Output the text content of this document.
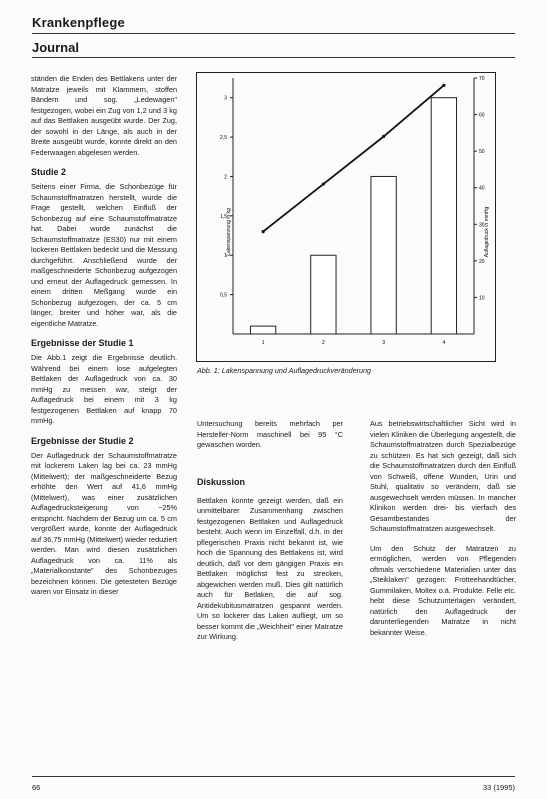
Krankenpflege
Journal
0,5
1
1,5
2
2,5
3
10
20
30
40
50
60
70
1	2	3	4
Lakenspannung in kg	Auflagedruck in mmHg
Abb. 1: Lakenspannung und Auflagedruckveränderung

ständen die Enden des Bettlakens unter der Matratze jeweils mit Klammern, stoffen Bändern und sog. „Ledewagen" festgezogen, wobei ein Zug von 1,2 und 3 kg auf das Bettlaken ausgeübt wurde. Der Zug, der sowohl in der Länge, als auch in der Breite ausgeübt wurde, konnte direkt an den Federwaagen abgelesen werden.

Studie 2

Seitens einer Firma, die Schonbezüge für Schaumstoffmatratzen herstellt, wurde die Frage gestellt, welchen Einfluß der Schonbezug auf eine Schaumstoffmatratze hat. Dabei wurde zunächst die Schaumstoffmatratze (ES30) nur mit einem lockeren Bettlaken bedeckt und die Messung durchgeführt. Anschließend wurde der maßgeschneiderte Schonbezug aufgezogen und erneut der Auflagedruck gemessen. In einem dritten Meßgang wurde ein Schonbezug aufgezogen, der ca. 5 cm länger, breiter und höher war, als die eigentliche Matratze.

Ergebnisse der Studie 1

Die Abb.1 zeigt die Ergebnisse deutlich. Während bei einem lose aufgelegten Bettlaken der Auflagedruck von ca. 30 mmHg zu messen war, steigt der Auflagedruck bei einem mit 3 kg festgezogenen Bettlaken auf knapp 70 mmHg.

Ergebnisse der Studie 2

Der Auflagedruck der Schaumstoffmatratze mit lockerem Laken lag bei ca. 23 mmHg (Mittelwert); der maßgeschneiderte Bezug erhöhte den Wert auf 41,6 mmHg (Mittelwert), was einer zusätzlichen Auflagedrucksteigerung von ~25% entspricht. Nachdem der Bezug um ca. 5 cm vergrößert wurde, konnte der Auflagedruck auf 36,75 mmHg (Mittelwert) wieder reduziert werden. Man wird diesen zusätzlichen Auflagedruck von ca. 11% als „Materialkonstante" des Schonbezuges bezeichnen können. Die getesteten Bezüge waren vor Einsatz in dieser

Untersuchung bereits mehrfach per Hersteller-Norm maschinell bei 95 °C gewaschen worden.

Diskussion

Bettlaken konnte gezeigt werden, daß ein unmittelbarer Zusammenhang zwischen festgezogenen Bettlaken und Auflagedruck besteht. Auch wenn im Einzelfall, d.h. in der pflegerischen Praxis nicht bekannt ist, wie hoch die Spannung des Bettlakens ist, wird deutlich, daß vor dem gängigen Praxis ein Bettlaken möglichst fest zu strecken, abgewichen werden muß. Dies gilt natürlich auch für Betlaken, die auf sog. Antidekubitusmatratzen gespannt werden. Um so lockerer das Laken aufliegt, um so besser kommt die „Weichheit" einer Matratze zur Wirkung.

Aus betriebswirtschaftlicher Sicht wird in vielen Kliniken die Überlegung angestellt, die Schaumstoffmatratzen durch Spezialbezüge zu schützen. Es hat sich gezeigt, daß sich die Schaumstoffmatratzen durch den Einfluß von Schweiß, offene Wunden, Urin und Stuhl, qualitativ so verändern, daß sie ausgewechselt werden müssen. In mancher Klinikon werden drei- bis vierfach des Gesamtbestandes der Schaumstoffmatratzen ausgewechselt.

Um den Schutz der Matratzen zu ermöglichen, werden von Pflegenden oftmals verschiedene Materialien unter das „Steiklaken" gezogen: Frotteehandtücher, Gummilaken, Moltex o.ä. Produkte. Felle etc. hebt diese Schutzunterlagen verändert, natürlich den Auflagedruck der darunterliegenden Matratze in nicht bekannter Weise.

66	33 (1995)
